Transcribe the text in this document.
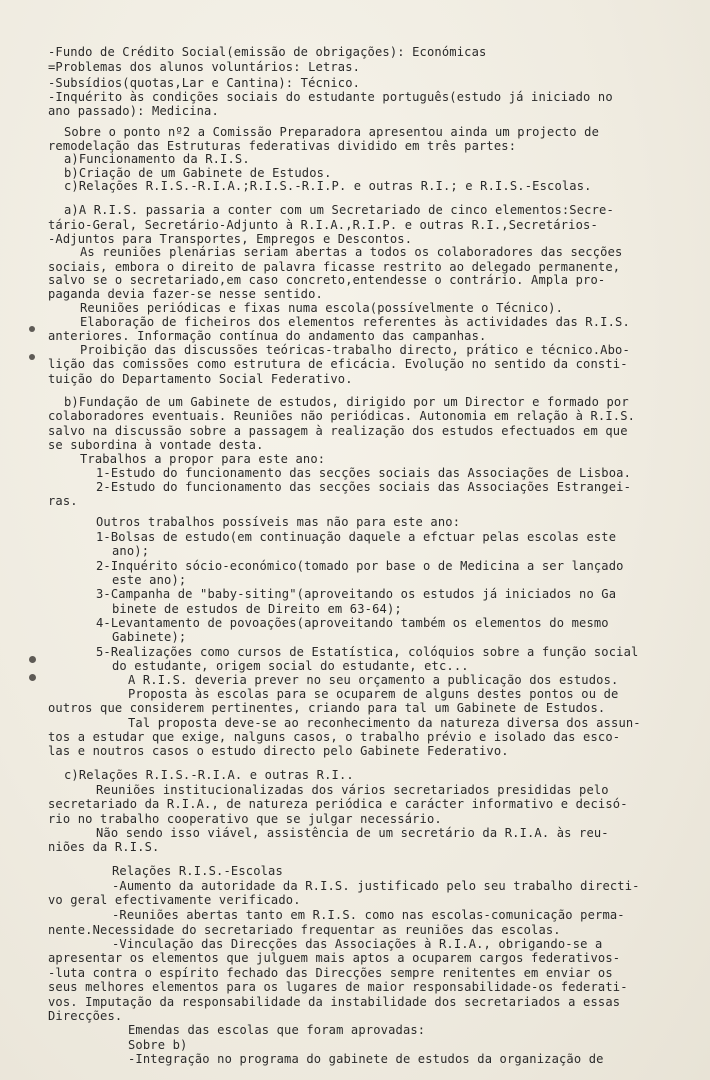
-Fundo de Crédito Social(emissão de obrigações): Económicas
=Problemas dos alunos voluntários: Letras.
-Subsídios(quotas,Lar e Cantina): Técnico.
-Inquérito às condições sociais do estudante português(estudo já iniciado no
ano passado): Medicina.
Sobre o ponto nº2 a Comissão Preparadora apresentou ainda um projecto de
remodelação das Estruturas federativas dividido em três partes:
a)Funcionamento da R.I.S.
b)Criação de um Gabinete de Estudos.
c)Relações R.I.S.-R.I.A.;R.I.S.-R.I.P. e outras R.I.; e R.I.S.-Escolas.
a)A R.I.S. passaria a conter com um Secretariado de cinco elementos:Secre-
tário-Geral, Secretário-Adjunto à R.I.A.,R.I.P. e outras R.I.,Secretários-
-Adjuntos para Transportes, Empregos e Descontos.
As reuniões plenárias seriam abertas a todos os colaboradores das secções
sociais, embora o direito de palavra ficasse restrito ao delegado permanente,
salvo se o secretariado,em caso concreto,entendesse o contrário. Ampla pro-
paganda devia fazer-se nesse sentido.
Reuniões periódicas e fixas numa escola(possívelmente o Técnico).
Elaboração de ficheiros dos elementos referentes às actividades das R.I.S.
anteriores. Informação contínua do andamento das campanhas.
Proibição das discussões teóricas-trabalho directo, prático e técnico.Abo-
lição das comissões como estrutura de eficácia. Evolução no sentido da consti-
tuição do Departamento Social Federativo.
b)Fundação de um Gabinete de estudos, dirigido por um Director e formado por
colaboradores eventuais. Reuniões não periódicas. Autonomia em relação à R.I.S.
salvo na discussão sobre a passagem à realização dos estudos efectuados em que
se subordina à vontade desta.
Trabalhos a propor para este ano:
1-Estudo do funcionamento das secções sociais das Associações de Lisboa.
2-Estudo do funcionamento das secções sociais das Associações Estrangei-
ras.
Outros trabalhos possíveis mas não para este ano:
1-Bolsas de estudo(em continuação daquele a efctuar pelas escolas este
ano);
2-Inquérito sócio-económico(tomado por base o de Medicina a ser lançado
este ano);
3-Campanha de "baby-siting"(aproveitando os estudos já iniciados no Ga
binete de estudos de Direito em 63-64);
4-Levantamento de povoações(aproveitando também os elementos do mesmo
Gabinete);
5-Realizações como cursos de Estatística, colóquios sobre a função social
do estudante, origem social do estudante, etc...
A R.I.S. deveria prever no seu orçamento a publicação dos estudos.
Proposta às escolas para se ocuparem de alguns destes pontos ou de
outros que considerem pertinentes, criando para tal um Gabinete de Estudos.
Tal proposta deve-se ao reconhecimento da natureza diversa dos assun-
tos a estudar que exige, nalguns casos, o trabalho prévio e isolado das esco-
las e noutros casos o estudo directo pelo Gabinete Federativo.
c)Relações R.I.S.-R.I.A. e outras R.I..
Reuniões institucionalizadas dos vários secretariados presididas pelo
secretariado da R.I.A., de natureza periódica e carácter informativo e decisó-
rio no trabalho cooperativo que se julgar necessário.
Não sendo isso viável, assistência de um secretário da R.I.A. às reu-
niões da R.I.S.
Relações R.I.S.-Escolas
-Aumento da autoridade da R.I.S. justificado pelo seu trabalho directi-
vo geral efectivamente verificado.
-Reuniões abertas tanto em R.I.S. como nas escolas-comunicação perma-
nente.Necessidade do secretariado frequentar as reuniões das escolas.
-Vinculação das Direcções das Associações à R.I.A., obrigando-se a
apresentar os elementos que julguem mais aptos a ocuparem cargos federativos-
-luta contra o espírito fechado das Direcções sempre renitentes em enviar os
seus melhores elementos para os lugares de maior responsabilidade-os federati-
vos. Imputação da responsabilidade da instabilidade dos secretariados a essas
Direcções.
Emendas das escolas que foram aprovadas:
Sobre b)
-Integração no programa do gabinete de estudos da organização de
